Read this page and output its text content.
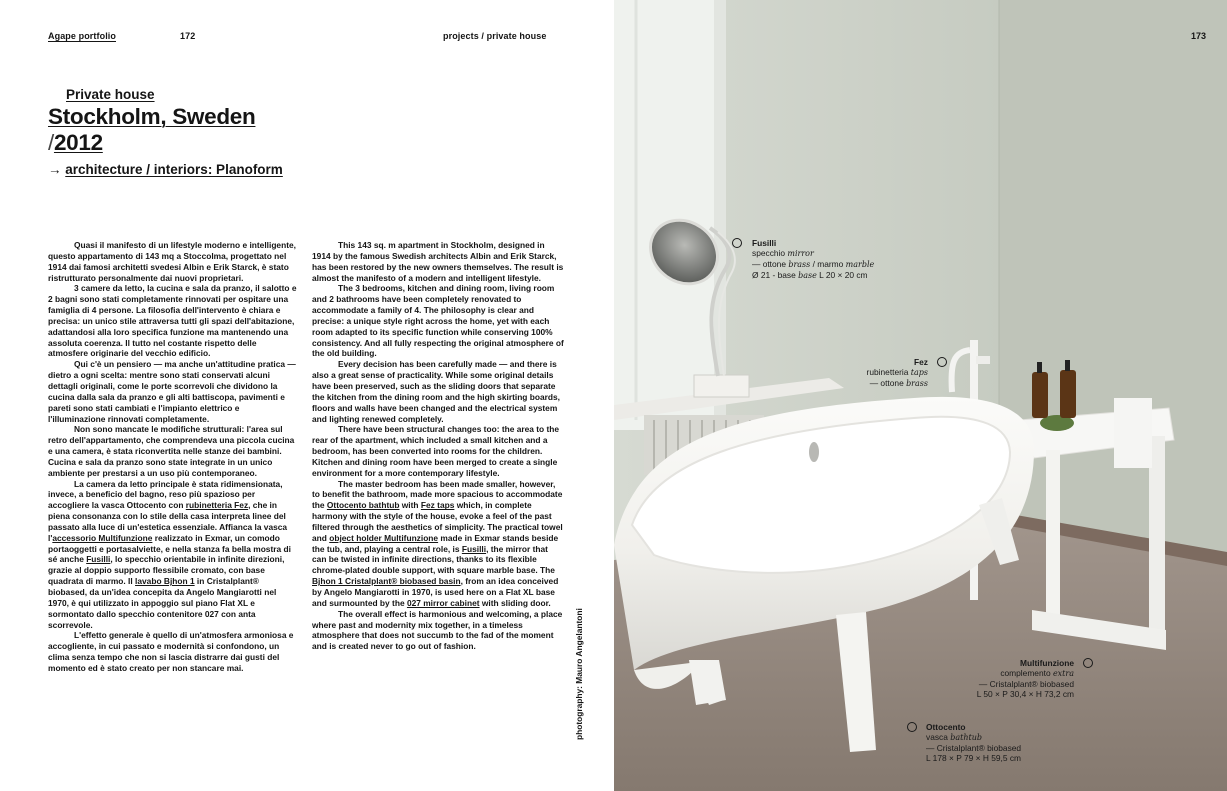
Agape portfolio	172	projects / private house
Private house
Stockholm, Sweden
/2012
→ architecture / interiors: Planoform

Quasi il manifesto di un lifestyle moderno e intelligente, questo appartamento di 143 mq a Stoccolma, progettato nel 1914 dai famosi architetti svedesi Albin e Erik Starck, è stato ristrutturato personalmente dai nuovi proprietari.

3 camere da letto, la cucina e sala da pranzo, il salotto e 2 bagni sono stati completamente rinnovati per ospitare una famiglia di 4 persone. La filosofia dell'intervento è chiara e precisa: un unico stile attraversa tutti gli spazi dell'abitazione, adattandosi alla loro specifica funzione ma mantenendo una assoluta coerenza. Il tutto nel costante rispetto delle atmosfere originarie del vecchio edificio.

Qui c'è un pensiero — ma anche un'attitudine pratica — dietro a ogni scelta: mentre sono stati conservati alcuni dettagli originali, come le porte scorrevoli che dividono la cucina dalla sala da pranzo e gli alti battiscopa, pavimenti e pareti sono stati cambiati e l'impianto elettrico e l'illuminazione rinnovati completamente.

Non sono mancate le modifiche strutturali: l'area sul retro dell'appartamento, che comprendeva una piccola cucina e una camera, è stata riconvertita nelle stanze dei bambini. Cucina e sala da pranzo sono state integrate in un unico ambiente per prestarsi a un uso più contemporaneo.

La camera da letto principale è stata ridimensionata, invece, a beneficio del bagno, reso più spazioso per accogliere la vasca Ottocento con rubinetteria Fez, che in piena consonanza con lo stile della casa interpreta linee del passato alla luce di un'estetica essenziale. Affianca la vasca l'accessorio Multifunzione realizzato in Exmar, un comodo portaoggetti e portasalviette, e nella stanza fa bella mostra di sé anche Fusilli, lo specchio orientabile in infinite direzioni, grazie al doppio supporto flessibile cromato, con base quadrata di marmo. Il lavabo Bjhon 1 in Cristalplant® biobased, da un'idea concepita da Angelo Mangiarotti nel 1970, è qui utilizzato in appoggio sul piano Flat XL e sormontato dallo specchio contenitore 027 con anta scorrevole.

L'effetto generale è quello di un'atmosfera armoniosa e accogliente, in cui passato e modernità si confondono, un clima senza tempo che non si lascia distrarre dai gusti del momento ed è stato creato per non stancare mai.

This 143 sq. m apartment in Stockholm, designed in 1914 by the famous Swedish architects Albin and Erik Starck, has been restored by the new owners themselves. The result is almost the manifesto of a modern and intelligent lifestyle.

The 3 bedrooms, kitchen and dining room, living room and 2 bathrooms have been completely renovated to accommodate a family of 4. The philosophy is clear and precise: a unique style right across the home, yet with each room adapted to its specific function while conserving 100% consistency. And all fully respecting the original atmosphere of the old building.

Every decision has been carefully made — and there is also a great sense of practicality. While some original details have been preserved, such as the sliding doors that separate the kitchen from the dining room and the high skirting boards, floors and walls have been changed and the electrical system and lighting renewed completely.

There have been structural changes too: the area to the rear of the apartment, which included a small kitchen and a bedroom, has been converted into rooms for the children. Kitchen and dining room have been merged to create a single environment for a more contemporary lifestyle.

The master bedroom has been made smaller, however, to benefit the bathroom, made more spacious to accommodate the Ottocento bathtub with Fez taps which, in complete harmony with the style of the house, evoke a feel of the past filtered through the aesthetics of simplicity. The practical towel and object holder Multifunzione made in Exmar stands beside the tub, and, playing a central role, is Fusilli, the mirror that can be twisted in infinite directions, thanks to its flexible chrome-plated double support, with square marble base. The Bjhon 1 Cristalplant® biobased basin, from an idea conceived by Angelo Mangiarotti in 1970, is used here on a Flat XL base and surmounted by the 027 mirror cabinet with sliding door.

The overall effect is harmonious and welcoming, a place where past and modernity mix together, in a timeless atmosphere that does not succumb to the fad of the moment and is created never to go out of fashion.	photography: Mauro Angelantoni
173
Fusilli
specchio mirror
— ottone brass / marmo marble
Ø 21 - base base L 20 × 20 cm
Fez
rubinetteria taps
— ottone brass
Multifunzione
complemento extra
— Cristalplant® biobased
L 50 × P 30,4 × H 73,2 cm
Ottocento
vasca bathtub
— Cristalplant® biobased
L 178 × P 79 × H 59,5 cm
